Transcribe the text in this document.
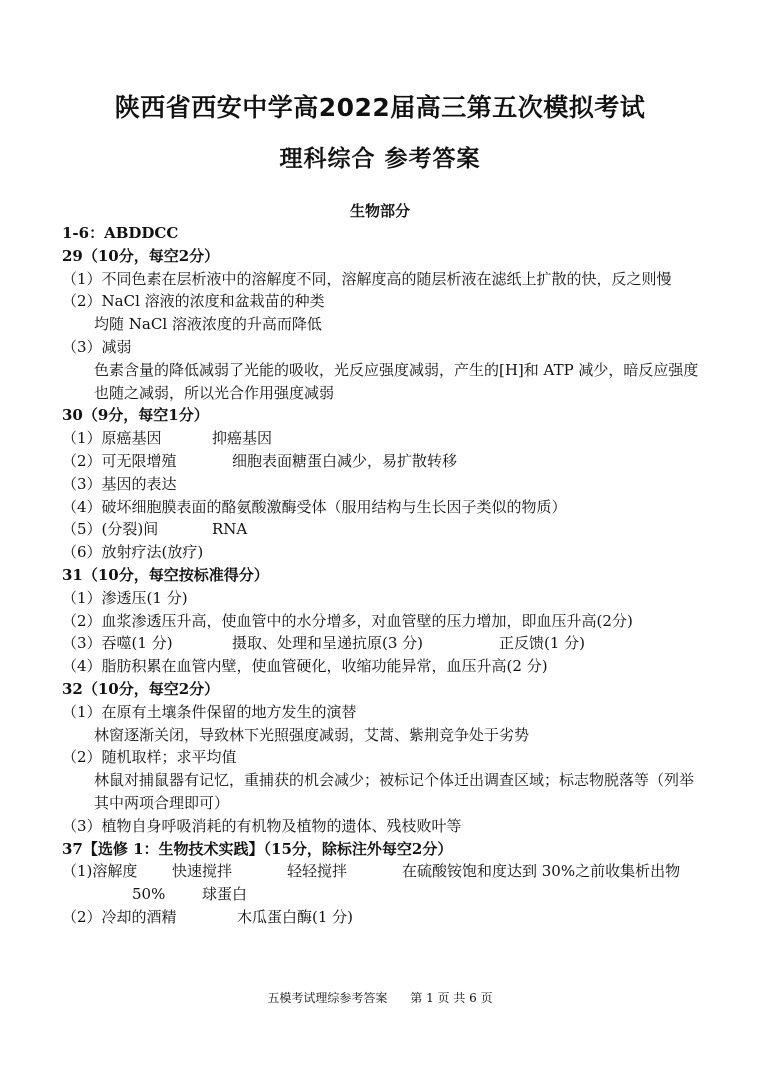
陕西省西安中学高2022届高三第五次模拟考试
理科综合 参考答案
生物部分
1-6：ABDDCC
29（10分，每空2分）
（1）不同色素在层析液中的溶解度不同，溶解度高的随层析液在滤纸上扩散的快，反之则慢
（2）NaCl 溶液的浓度和盆栽苗的种类
均随 NaCl 溶液浓度的升高而降低
（3）减弱
色素含量的降低减弱了光能的吸收，光反应强度减弱，产生的[H]和 ATP 减少，暗反应强度也随之减弱，所以光合作用强度减弱
30（9分，每空1分）
（1）原癌基因	抑癌基因
（2）可无限增殖	细胞表面糖蛋白减少，易扩散转移
（3）基因的表达
（4）破坏细胞膜表面的酪氨酸激酶受体（服用结构与生长因子类似的物质）
（5）(分裂)间	RNA
（6）放射疗法(放疗)
31（10分，每空按标准得分）
（1）渗透压(1 分)
（2）血浆渗透压升高，使血管中的水分增多，对血管壁的压力增加，即血压升高(2分)
（3）吞噬(1 分)	摄取、处理和呈递抗原(3 分)	正反馈(1 分)
（4）脂肪积累在血管内壁，使血管硬化，收缩功能异常，血压升高(2 分)
32（10分，每空2分）
（1）在原有土壤条件保留的地方发生的演替
林窗逐渐关闭，导致林下光照强度减弱，艾蒿、紫荆竞争处于劣势
（2）随机取样；求平均值
林鼠对捕鼠器有记忆，重捕获的机会减少；被标记个体迁出调查区域；标志物脱落等（列举其中两项合理即可）
（3）植物自身呼吸消耗的有机物及植物的遗体、残枝败叶等
37【选修 1：生物技术实践】（15分，除标注外每空2分）
（1)溶解度 快速搅拌	轻轻搅拌	在硫酸铵饱和度达到 30%之前收集析出物
50% 球蛋白
（2）冷却的酒精	木瓜蛋白酶(1 分)
五模考试理综参考答案 第 1 页 共 6 页
